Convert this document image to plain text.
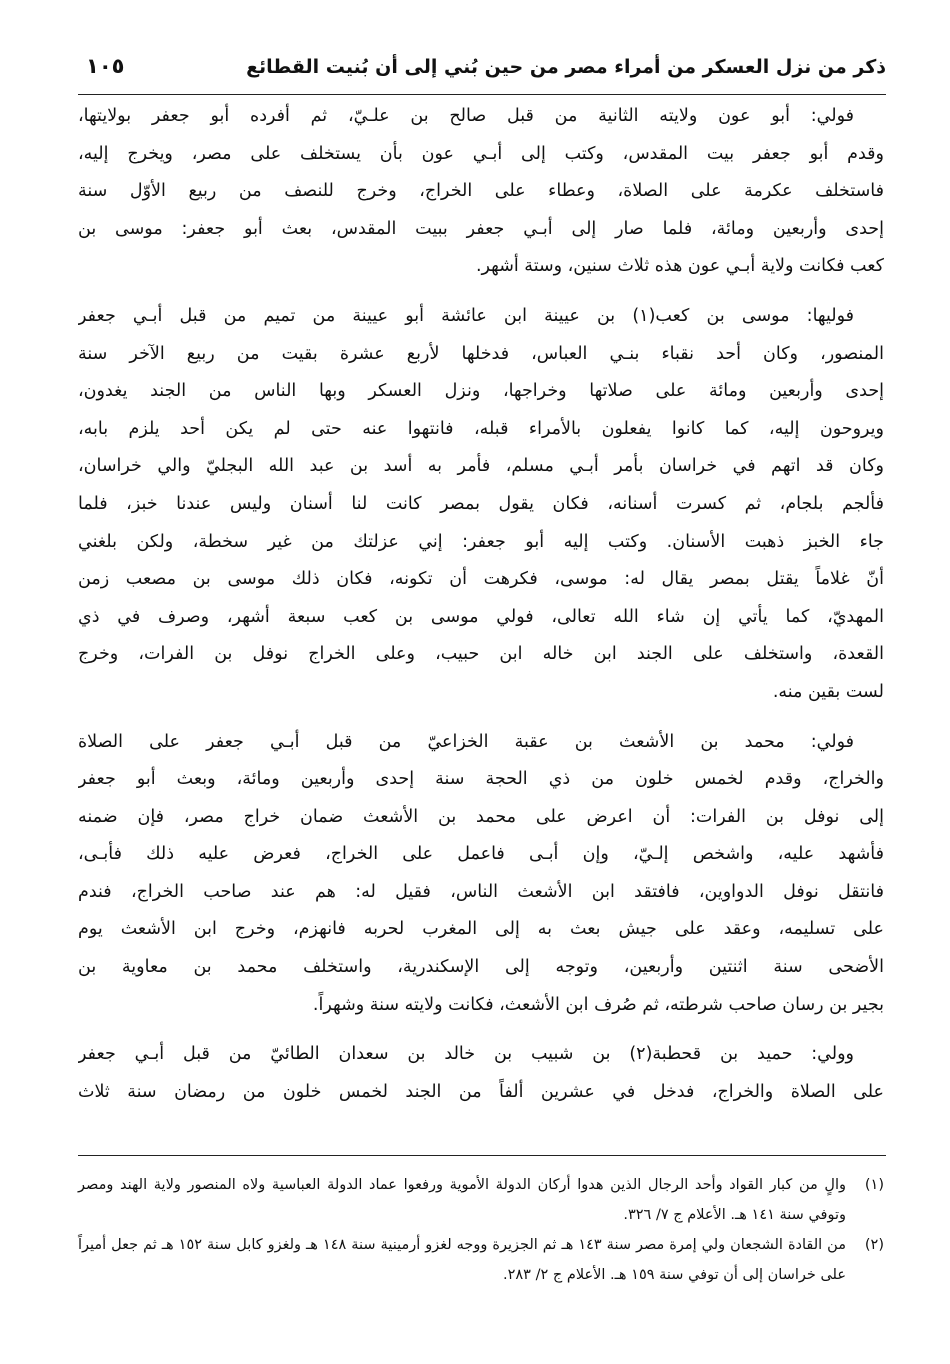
ذكر من نزل العسكر من أمراء مصر من حين بُني إلى أن بُنيت القطائع
١٠٥
فولي: أبو عون ولايته الثانية من قبل صالح بن علـيّ، ثم أفرده أبو جعفر بولايتها،
وقدم أبو جعفر بيت المقدس، وكتب إلى أبـي عون بأن يستخلف على مصر، ويخرج إليه،
فاستخلف عكرمة على الصلاة، وعطاء على الخراج، وخرج للنصف من ربيع الأوّل سنة
إحدى وأربعين ومائة، فلما صار إلى أبـي جعفر ببيت المقدس، بعث أبو جعفر: موسى بن
كعب فكانت ولاية أبـي عون هذه ثلاث سنين، وستة أشهر.
فوليها: موسى بن كعب(١) بن عيينة ابن عائشة أبو عيينة من تميم من قبل أبـي جعفر
المنصور، وكان أحد نقباء بنـي العباس، فدخلها لأربع عشرة بقيت من ربيع الآخر سنة
إحدى وأربعين ومائة على صلاتها وخراجها، ونزل العسكر وبها الناس من الجند يغدون،
ويروحون إليه، كما كانوا يفعلون بالأمراء قبله، فانتهوا عنه حتى لم يكن أحد يلزم بابه،
وكان قد اتهم في خراسان بأمر أبـي مسلم، فأمر به أسد بن عبد الله البجليّ والي خراسان،
فألجم بلجام، ثم كسرت أسنانه، فكان يقول بمصر كانت لنا أسنان وليس عندنا خبز، فلما
جاء الخبز ذهبت الأسنان. وكتب إليه أبو جعفر: إني عزلتك من غير سخطة، ولكن بلغني
أنّ غلاماً يقتل بمصر يقال له: موسى، فكرهت أن تكونه، فكان ذلك موسى بن مصعب زمن
المهديّ، كما يأتي إن شاء الله تعالى، فولي موسى بن كعب سبعة أشهر، وصرف في ذي
القعدة، واستخلف على الجند ابن خاله ابن حبيب، وعلى الخراج نوفل بن الفرات، وخرج
لست بقين منه.
فولي: محمد بن الأشعث بن عقبة الخزاعيّ من قبل أبـي جعفر على الصلاة
والخراج، وقدم لخمس خلون من ذي الحجة سنة إحدى وأربعين ومائة، وبعث أبو جعفر
إلى نوفل بن الفرات: أن اعرض على محمد بن الأشعث ضمان خراج مصر، فإن ضمنه
فأشهد عليه، واشخص إلـيّ، وإن أبـى فاعمل على الخراج، فعرض عليه ذلك فأبـى،
فانتقل نوفل الدواوين، فافتقد ابن الأشعث الناس، فقيل له: هم عند صاحب الخراج، فندم
على تسليمه، وعقد على جيش بعث به إلى المغرب لحربه فانهزم، وخرج ابن الأشعث يوم
الأضحى سنة اثنتين وأربعين، وتوجه إلى الإسكندرية، واستخلف محمد بن معاوية بن
بجير بن رسان صاحب شرطته، ثم صُرف ابن الأشعث، فكانت ولايته سنة وشهراً.
وولي: حميد بن قحطبة(٢) بن شبيب بن خالد بن سعدان الطائيّ من قبل أبـي جعفر
على الصلاة والخراج، فدخل في عشرين ألفاً من الجند لخمس خلون من رمضان سنة ثلاث
(١)
والٍ من كبار القواد وأحد الرجال الذين هدوا أركان الدولة الأموية ورفعوا عماد الدولة العباسية ولاه المنصور ولاية الهند ومصر وتوفي سنة ١٤١ هـ. الأعلام ج ٧/ ٣٢٦.
(٢)
من القادة الشجعان ولي إمرة مصر سنة ١٤٣ هـ ثم الجزيرة ووجه لغزو أرمينية سنة ١٤٨ هـ ولغزو كابل سنة ١٥٢ هـ ثم جعل أميراً على خراسان إلى أن توفي سنة ١٥٩ هـ. الأعلام ج ٢/ ٢٨٣.
